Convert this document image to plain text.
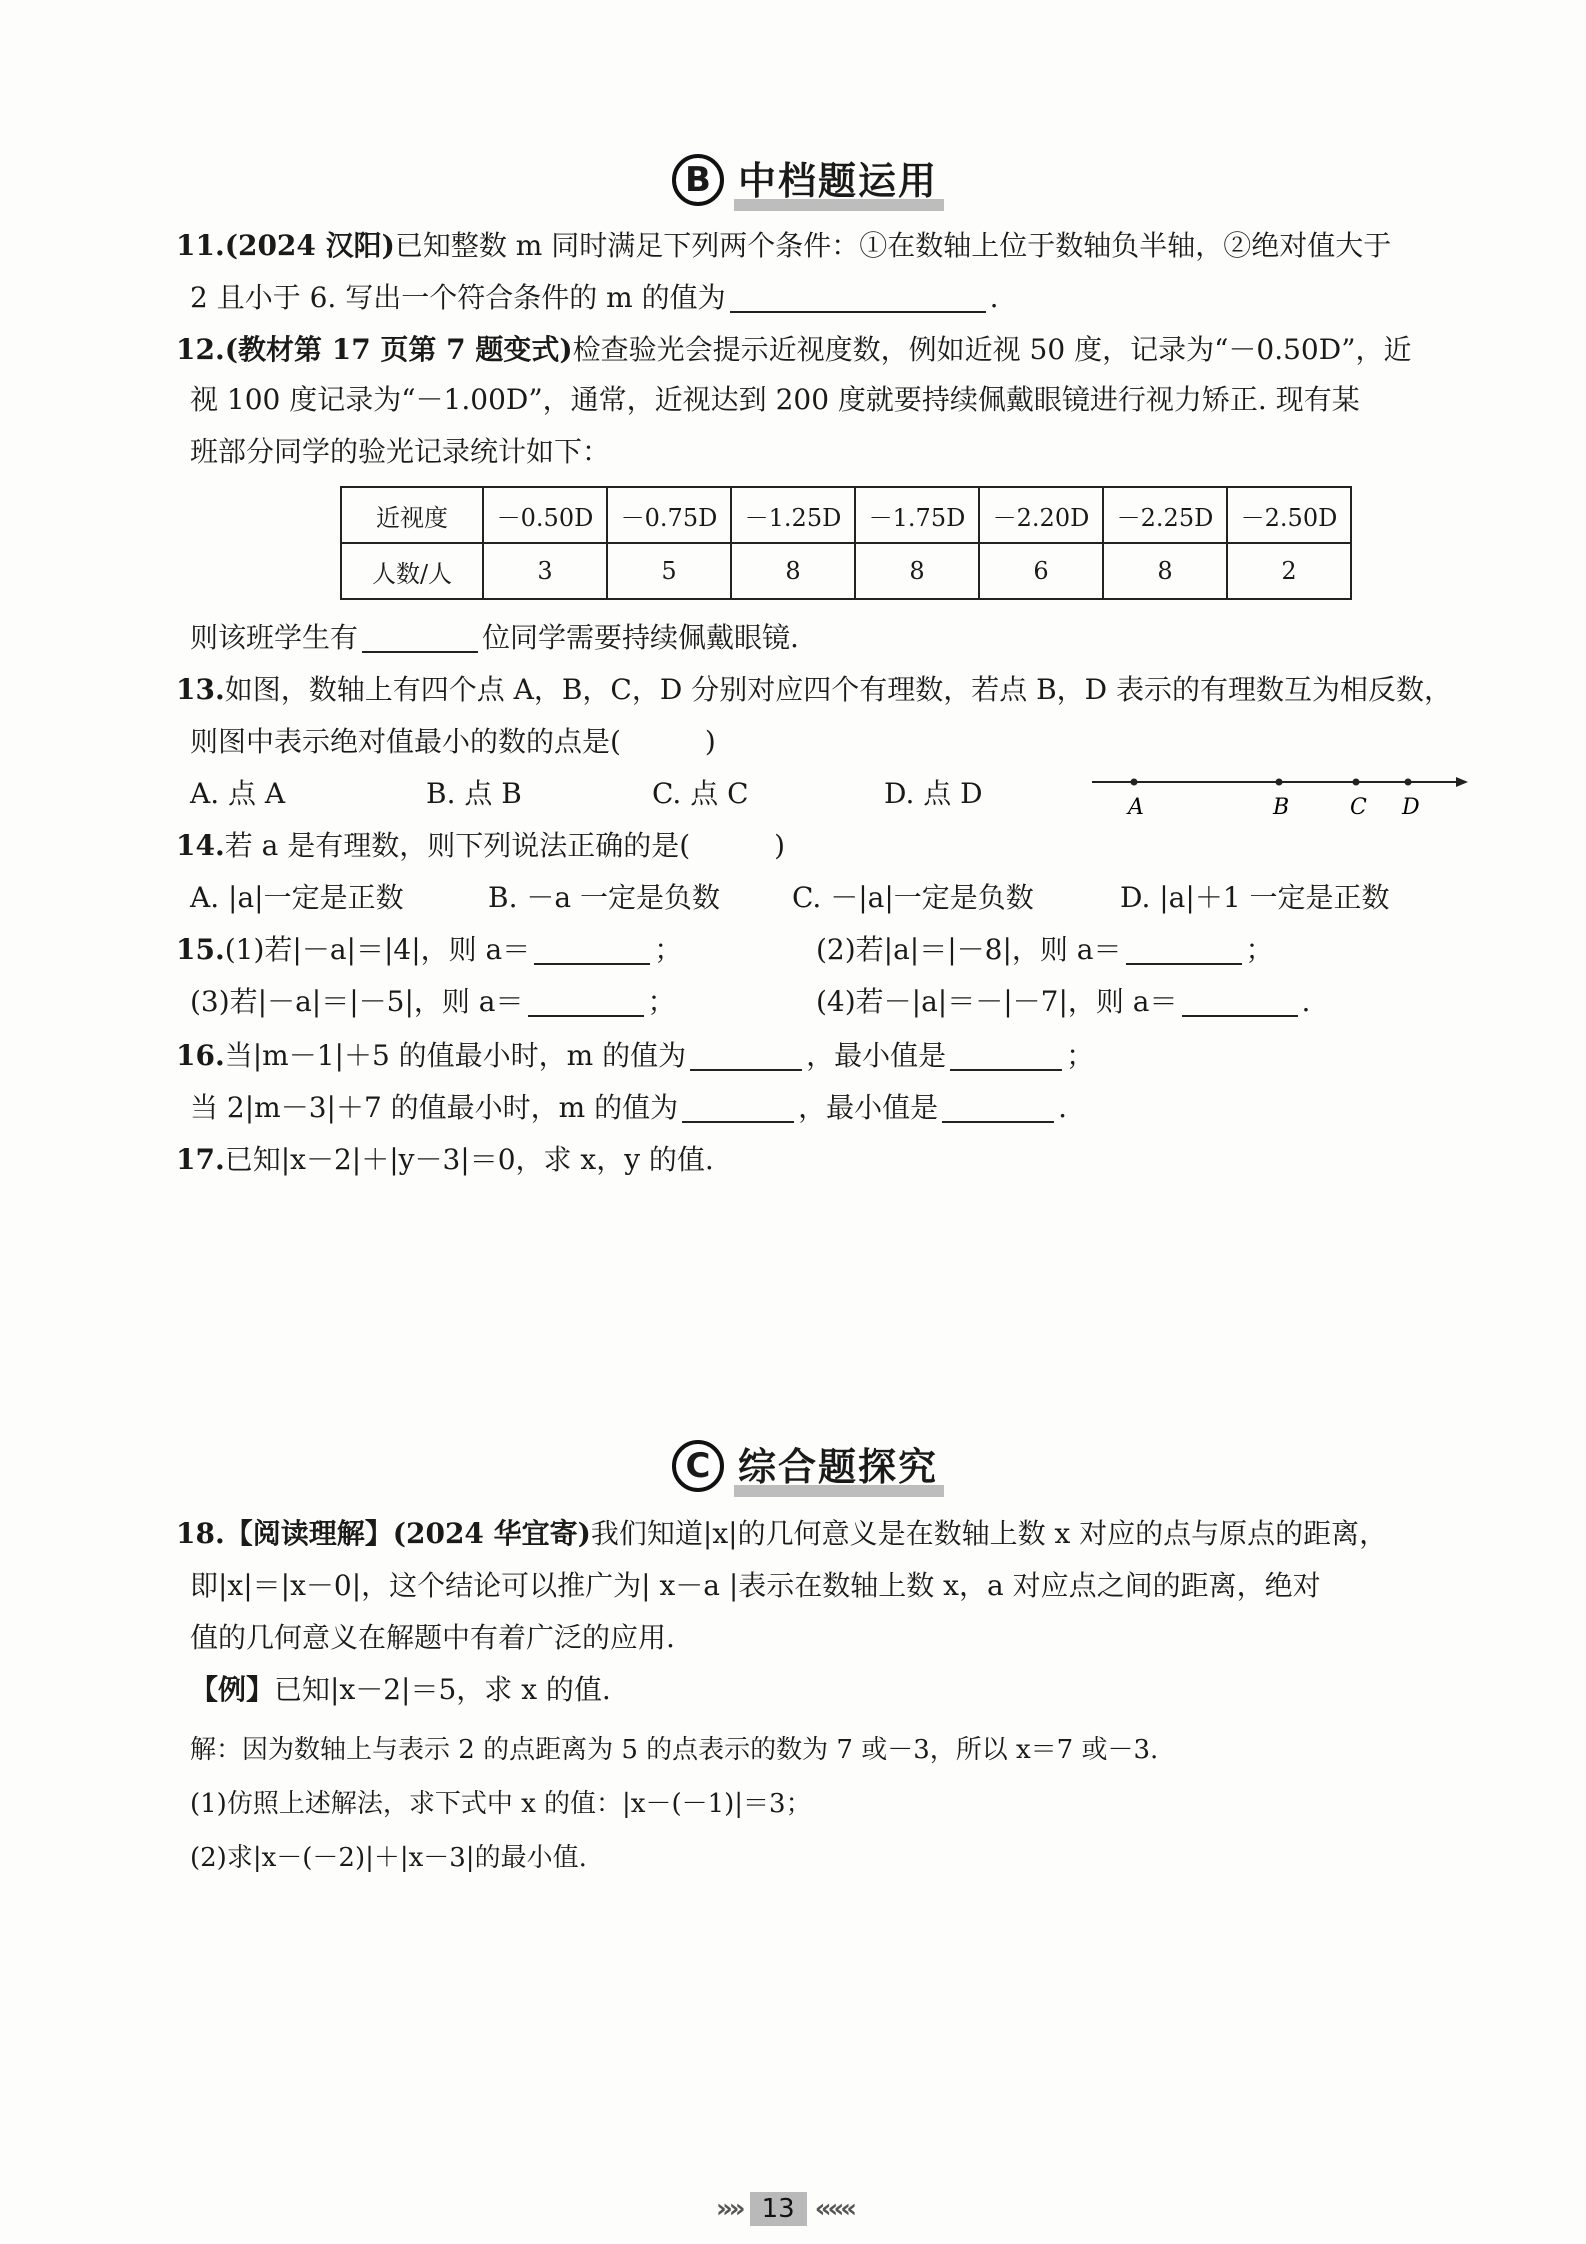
B 中档题运用
11.(2024 汉阳)已知整数 m 同时满足下列两个条件：①在数轴上位于数轴负半轴，②绝对值大于
2 且小于 6. 写出一个符合条件的 m 的值为	.
12.(教材第 17 页第 7 题变式)检查验光会提示近视度数，例如近视 50 度，记录为“－0.50D”，近
视 100 度记录为“－1.00D”，通常，近视达到 200 度就要持续佩戴眼镜进行视力矫正. 现有某
班部分同学的验光记录统计如下：
近视度	－0.50D	－0.75D	－1.25D	－1.75D	－2.20D	－2.25D	－2.50D
人数/人	3	5	8	8	6	8	2
则该班学生有	位同学需要持续佩戴眼镜.
13.如图，数轴上有四个点 A，B，C，D 分别对应四个有理数，若点 B，D 表示的有理数互为相反数，
则图中表示绝对值最小的数的点是(　　　)
A. 点 A	B. 点 B	C. 点 C	D. 点 D	A	B	C D
14.若 a 是有理数，则下列说法正确的是(　　　)
A. |a|一定是正数	B. －a 一定是负数	C. －|a|一定是负数	D. |a|＋1 一定是正数
15.(1)若|－a|＝|4|，则 a＝	；	(2)若|a|＝|－8|，则 a＝	；
(3)若|－a|＝|－5|，则 a＝	；	(4)若－|a|＝－|－7|，则 a＝	.
16.当|m－1|＋5 的值最小时，m 的值为	，最小值是	；
当 2|m－3|＋7 的值最小时，m 的值为	，最小值是	.
17.已知|x－2|＋|y－3|＝0，求 x，y 的值.
C 综合题探究
18.【阅读理解】(2024 华宜寄)我们知道|x|的几何意义是在数轴上数 x 对应的点与原点的距离，
即|x|＝|x－0|，这个结论可以推广为| x－a |表示在数轴上数 x，a 对应点之间的距离，绝对
值的几何意义在解题中有着广泛的应用.
【例】已知|x－2|＝5，求 x 的值.
解：因为数轴上与表示 2 的点距离为 5 的点表示的数为 7 或－3，所以 x＝7 或－3.
(1)仿照上述解法，求下式中 x 的值：|x－(－1)|＝3；
(2)求|x－(－2)|＋|x－3|的最小值.
»» 13 «««
